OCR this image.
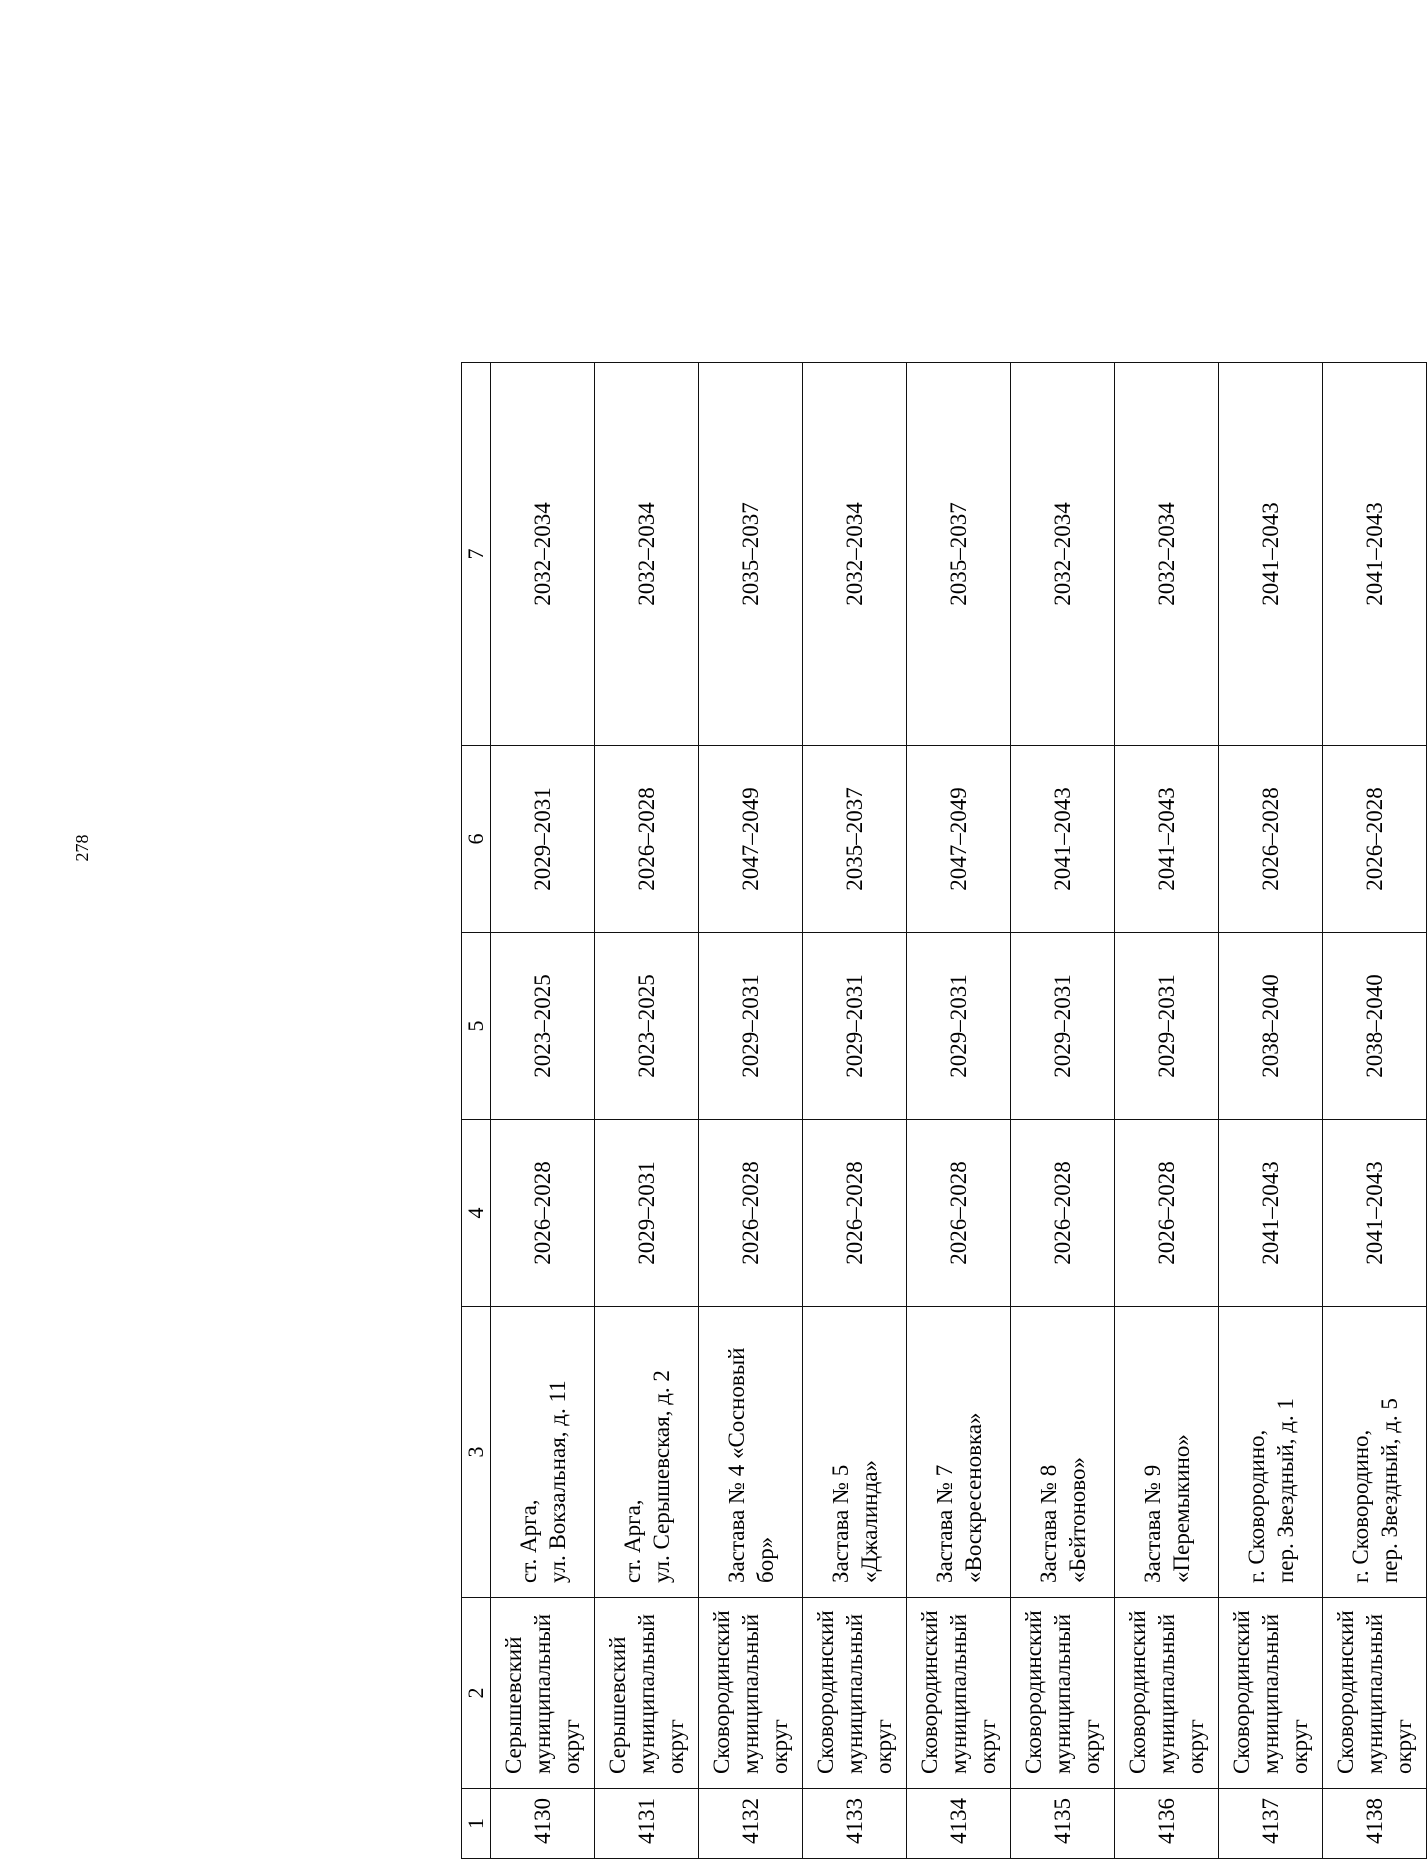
278
1	2	3	4	5	6	7
4130	Серышевский муниципальный округ	ст. Арга, ул. Вокзальная, д. 11	2026–2028	2023–2025	2029–2031	2032–2034
4131	Серышевский муниципальный округ	ст. Арга, ул. Серышевская, д. 2	2029–2031	2023–2025	2026–2028	2032–2034
4132	Сковородинский муниципальный округ	Застава № 4 «Сосновый бор»	2026–2028	2029–2031	2047–2049	2035–2037
4133	Сковородинский муниципальный округ	Застава № 5 «Джалинда»	2026–2028	2029–2031	2035–2037	2032–2034
4134	Сковородинский муниципальный округ	Застава № 7 «Воскресеновка»	2026–2028	2029–2031	2047–2049	2035–2037
4135	Сковородинский муниципальный округ	Застава № 8 «Бейтоново»	2026–2028	2029–2031	2041–2043	2032–2034
4136	Сковородинский муниципальный округ	Застава № 9 «Перемыкино»	2026–2028	2029–2031	2041–2043	2032–2034
4137	Сковородинский муниципальный округ	г. Сковородино, пер. Звездный, д. 1	2041–2043	2038–2040	2026–2028	2041–2043
4138	Сковородинский муниципальный округ	г. Сковородино, пер. Звездный, д. 5	2041–2043	2038–2040	2026–2028	2041–2043
